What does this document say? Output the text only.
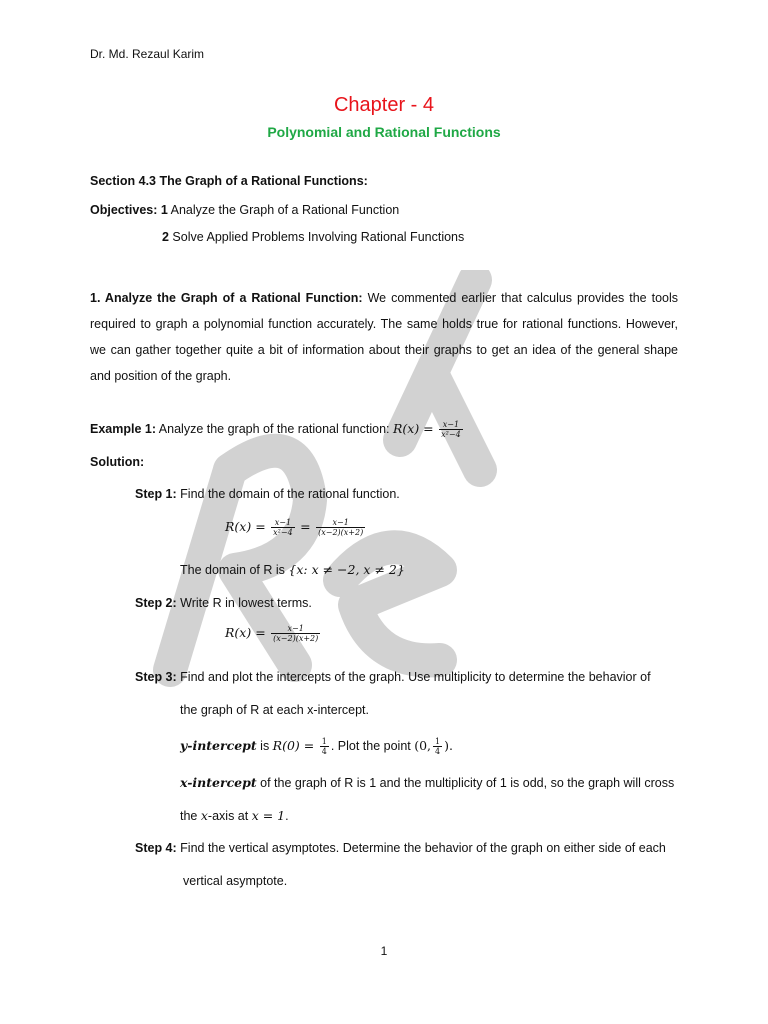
Dr. Md. Rezaul Karim
Chapter - 4
Polynomial and Rational Functions
Section 4.3 The Graph of a Rational Functions:
Objectives: 1 Analyze the Graph of a Rational Function
2 Solve Applied Problems Involving Rational Functions
1. Analyze the Graph of a Rational Function: We commented earlier that calculus provides the tools required to graph a polynomial function accurately. The same holds true for rational functions. However, we can gather together quite a bit of information about their graphs to get an idea of the general shape and position of the graph.
Example 1: Analyze the graph of the rational function: $R(x) = \frac{x-1}{\text{x²−4}}$
Solution:
Step 1: Find the domain of the rational function.
$R(x) = \frac{x-1}{\text{x²−4}} = \frac{x-1}{(x-2)(x+2)}$
The domain of R is {x: x ≠ −2, x ≠ 2}
Step 2: Write R in lowest terms.
$R(x) = \frac{x-1}{(x-2)(x+2)}$
Step 3: Find and plot the intercepts of the graph. Use multiplicity to determine the behavior of
the graph of R at each x-intercept.
y-intercept is $R(0) = \frac{1}{4}$ . Plot the point (0, $\frac{1}{4}$ ).
x-intercept of the graph of R is 1 and the multiplicity of 1 is odd, so the graph will cross
the x-axis at x = 1.
Step 4: Find the vertical asymptotes. Determine the behavior of the graph on either side of each
vertical asymptote.
1
